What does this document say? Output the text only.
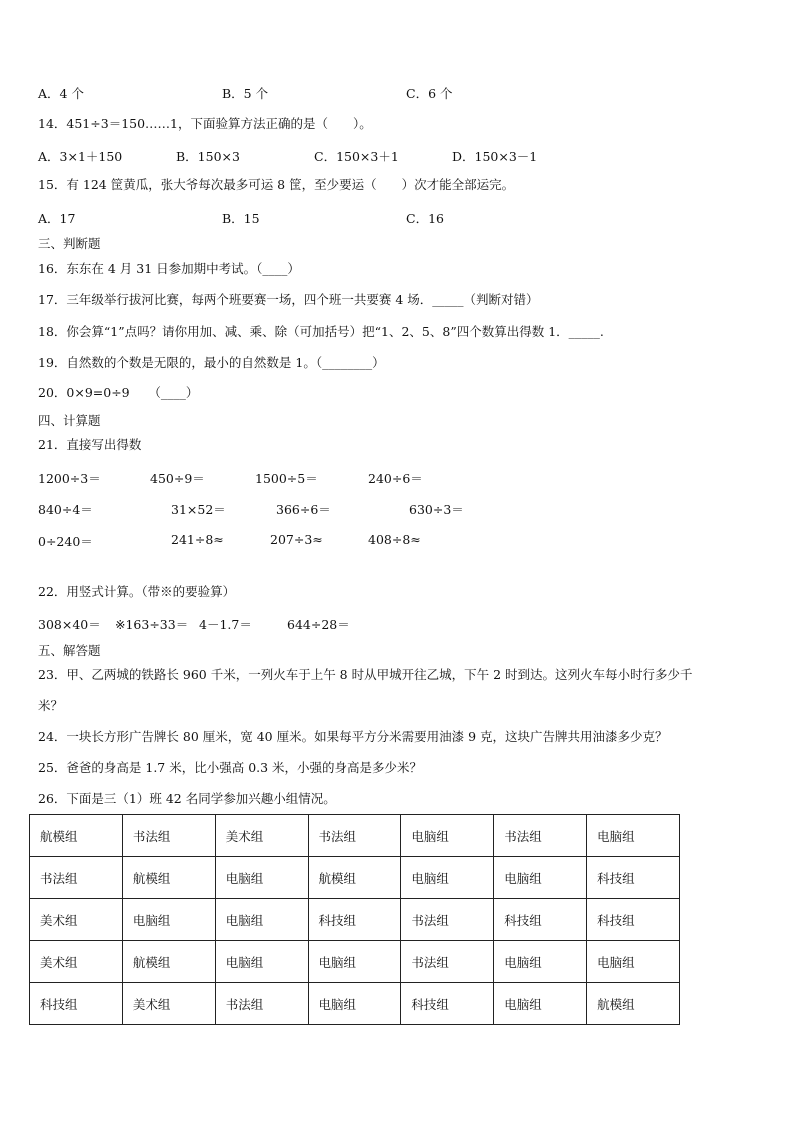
A．4 个	B．5 个	C．6 个
14．451÷3＝150……1，下面验算方法正确的是（　　）。
A．3×1＋150	B．150×3	C．150×3＋1	D．150×3－1
15．有 124 筐黄瓜，张大爷每次最多可运 8 筐，至少要运（　　）次才能全部运完。
A．17	B．15	C．16
三、判断题
16．东东在 4 月 31 日参加期中考试。（____）
17．三年级举行拔河比赛，每两个班要赛一场，四个班一共要赛 4 场．_____（判断对错）
18．你会算“1”点吗？请你用加、减、乘、除（可加括号）把“1、2、5、8”四个数算出得数 1．_____.
19．自然数的个数是无限的，最小的自然数是 1。（________）
20．0×9=0÷9　　（____）
四、计算题
21．直接写出得数
1200÷3＝	450÷9＝	1500÷5＝	240÷6＝
840÷4＝	31×52＝	366÷6＝	630÷3＝
0÷240＝	241÷8≈	207÷3≈	408÷8≈
22．用竖式计算。（带※的要验算）
308×40＝ ※163÷33＝ 4－1.7＝	644÷28＝
五、解答题
23．甲、乙两城的铁路长 960 千米，一列火车于上午 8 时从甲城开往乙城，下午 2 时到达。这列火车每小时行多少千
米？
24．一块长方形广告牌长 80 厘米，宽 40 厘米。如果每平方分米需要用油漆 9 克，这块广告牌共用油漆多少克？
25．爸爸的身高是 1.7 米，比小强高 0.3 米，小强的身高是多少米？
26．下面是三（1）班 42 名同学参加兴趣小组情况。
航模组	书法组	美术组	书法组	电脑组	书法组	电脑组
书法组	航模组	电脑组	航模组	电脑组	电脑组	科技组
美术组	电脑组	电脑组	科技组	书法组	科技组	科技组
美术组	航模组	电脑组	电脑组	书法组	电脑组	电脑组
科技组	美术组	书法组	电脑组	科技组	电脑组	航模组
